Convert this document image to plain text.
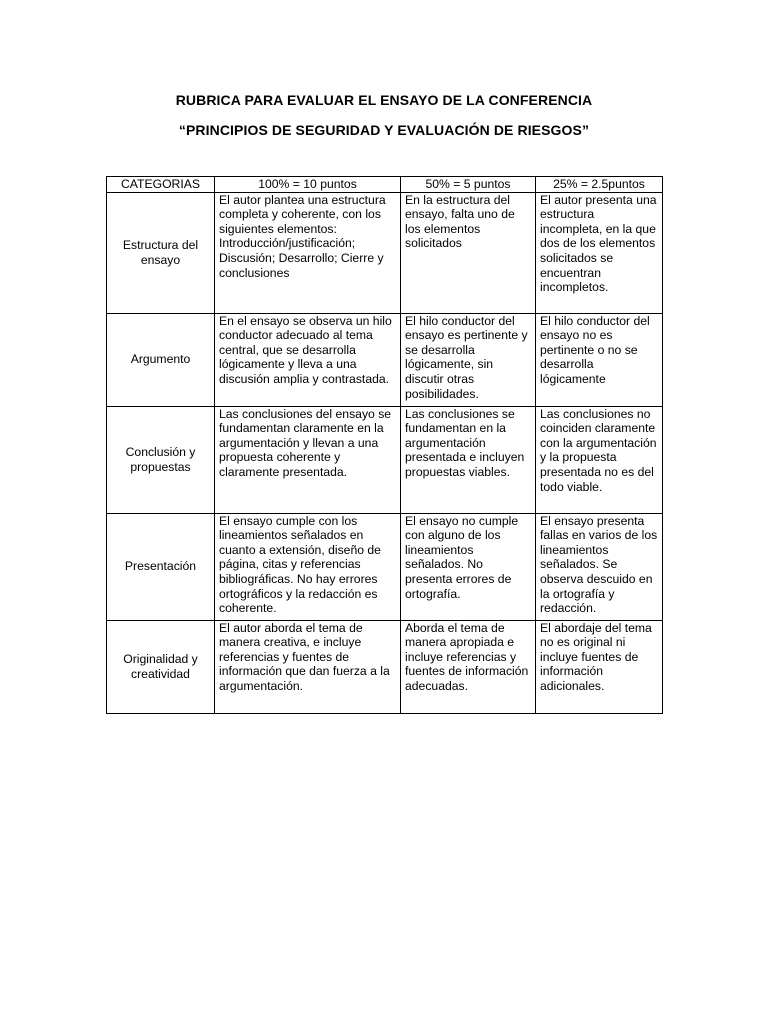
RUBRICA PARA EVALUAR EL ENSAYO DE LA CONFERENCIA
“PRINCIPIOS DE SEGURIDAD Y EVALUACIÓN DE RIESGOS”
CATEGORIAS	100% = 10 puntos	50% = 5 puntos	25% = 2.5puntos
Estructura del ensayo	El autor plantea una estructura completa y coherente, con los siguientes elementos: Introducción/justificación; Discusión; Desarrollo; Cierre y conclusiones	En la estructura del ensayo, falta uno de los elementos solicitados	El autor presenta una estructura incompleta, en la que dos de los elementos solicitados se encuentran incompletos.
Argumento	En el ensayo se observa un hilo conductor adecuado al tema central, que se desarrolla lógicamente y lleva a una discusión amplia y contrastada.	El hilo conductor del ensayo es pertinente y se desarrolla lógicamente, sin discutir otras posibilidades.	El hilo conductor del ensayo no es pertinente o no se desarrolla lógicamente
Conclusión y propuestas	Las conclusiones del ensayo se fundamentan claramente en la argumentación y llevan a una propuesta coherente y claramente presentada.	Las conclusiones se fundamentan en la argumentación presentada e incluyen propuestas viables.	Las conclusiones no coinciden claramente con la argumentación y la propuesta presentada no es del todo viable.
Presentación	El ensayo cumple con los lineamientos señalados en cuanto a extensión, diseño de página, citas y referencias bibliográficas. No hay errores ortográficos y la redacción es coherente.	El ensayo no cumple con alguno de los lineamientos señalados. No presenta errores de ortografía.	El ensayo presenta fallas en varios de los lineamientos señalados. Se observa descuido en la ortografía y redacción.
Originalidad y creatividad	El autor aborda el tema de manera creativa, e incluye referencias y fuentes de información que dan fuerza a la argumentación.	Aborda el tema de manera apropiada e incluye referencias y fuentes de información adecuadas.	El abordaje del tema no es original ni incluye fuentes de información adicionales.
